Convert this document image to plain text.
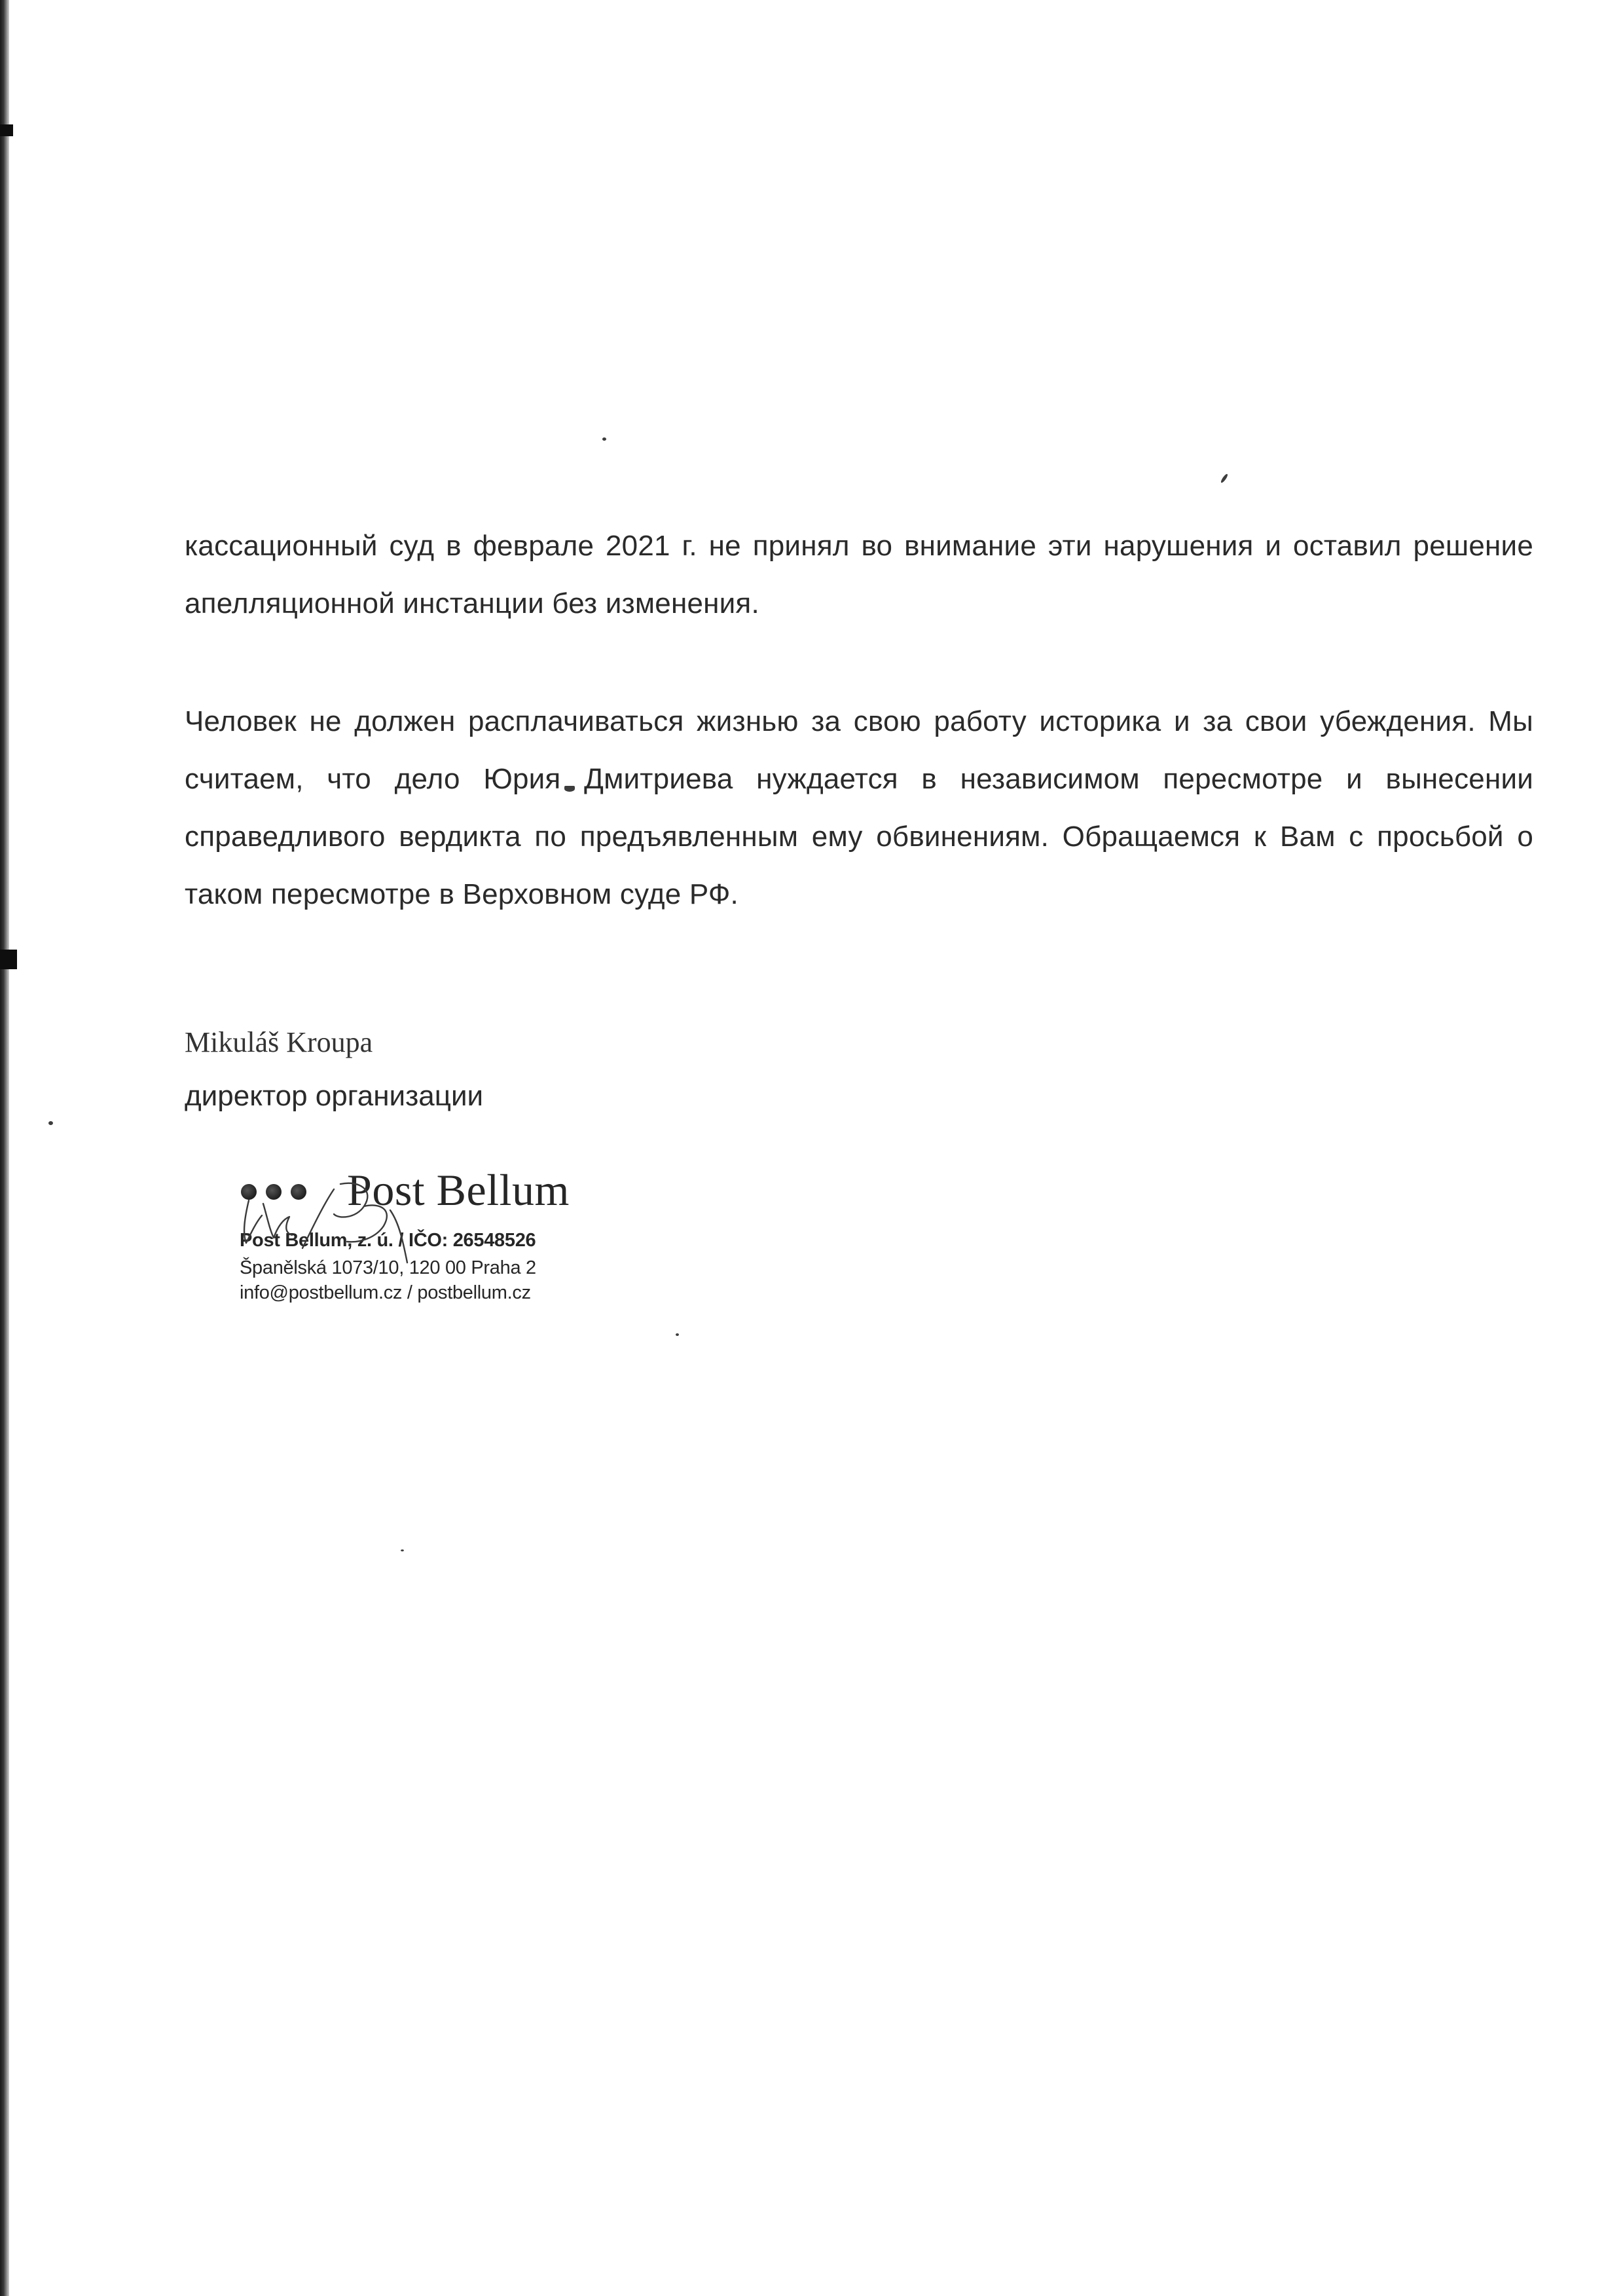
кассационный суд в феврале 2021 г. не принял во внимание эти нарушения и оставил решение апелляционной инстанции без изменения.

Человек не должен расплачиваться жизнью за свою работу историка и за свои убеждения. Мы считаем, что дело Юрия Дмитриева нуждается в независимом пересмотре и вынесении справедливого вердикта по предъявленным ему обвинениям. Обращаемся к Вам с просьбой о таком пересмотре в Верховном суде РФ.

Mikuláš Kroupa

директор организации

Post Bellum
Post Bellum, z. ú. / IČO: 26548526
Španělská 1073/10, 120 00 Praha 2
info@postbellum.cz / postbellum.cz
